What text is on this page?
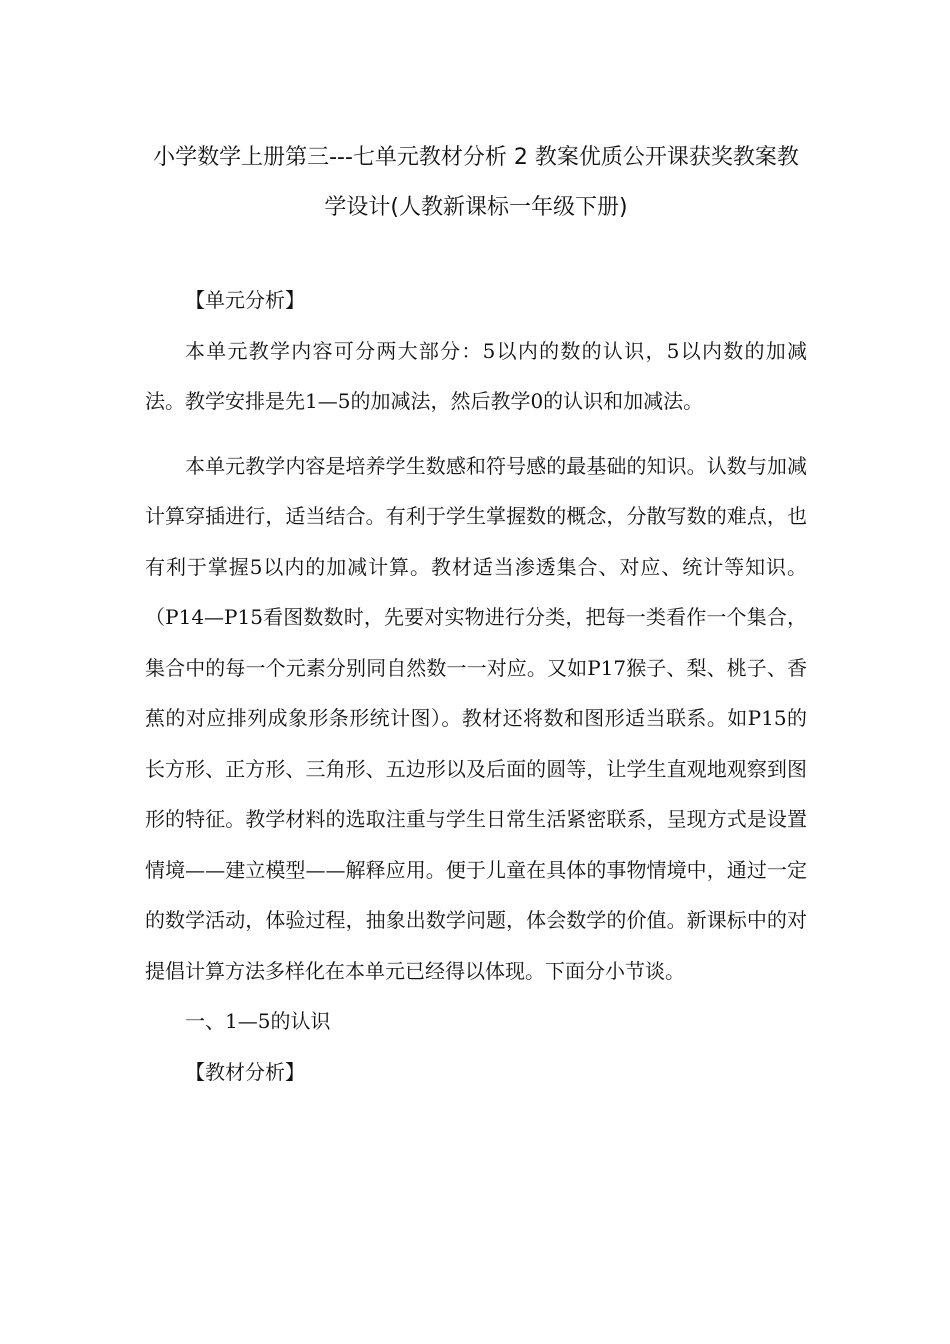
小学数学上册第三---七单元教材分析 2 教案优质公开课获奖教案教学设计(人教新课标一年级下册)

【单元分析】

本单元教学内容可分两大部分：5以内的数的认识，5以内数的加减法。教学安排是先1—5的加减法，然后教学0的认识和加减法。

本单元教学内容是培养学生数感和符号感的最基础的知识。认数与加减计算穿插进行，适当结合。有利于学生掌握数的概念，分散写数的难点，也有利于掌握5以内的加减计算。教材适当渗透集合、对应、统计等知识。（P14—P15看图数数时，先要对实物进行分类，把每一类看作一个集合，集合中的每一个元素分别同自然数一一对应。又如P17猴子、梨、桃子、香蕉的对应排列成象形条形统计图）。教材还将数和图形适当联系。如P15的长方形、正方形、三角形、五边形以及后面的圆等，让学生直观地观察到图形的特征。教学材料的选取注重与学生日常生活紧密联系，呈现方式是设置情境——建立模型——解释应用。便于儿童在具体的事物情境中，通过一定的数学活动，体验过程，抽象出数学问题，体会数学的价值。新课标中的对提倡计算方法多样化在本单元已经得以体现。下面分小节谈。

一、1—5的认识

【教材分析】
